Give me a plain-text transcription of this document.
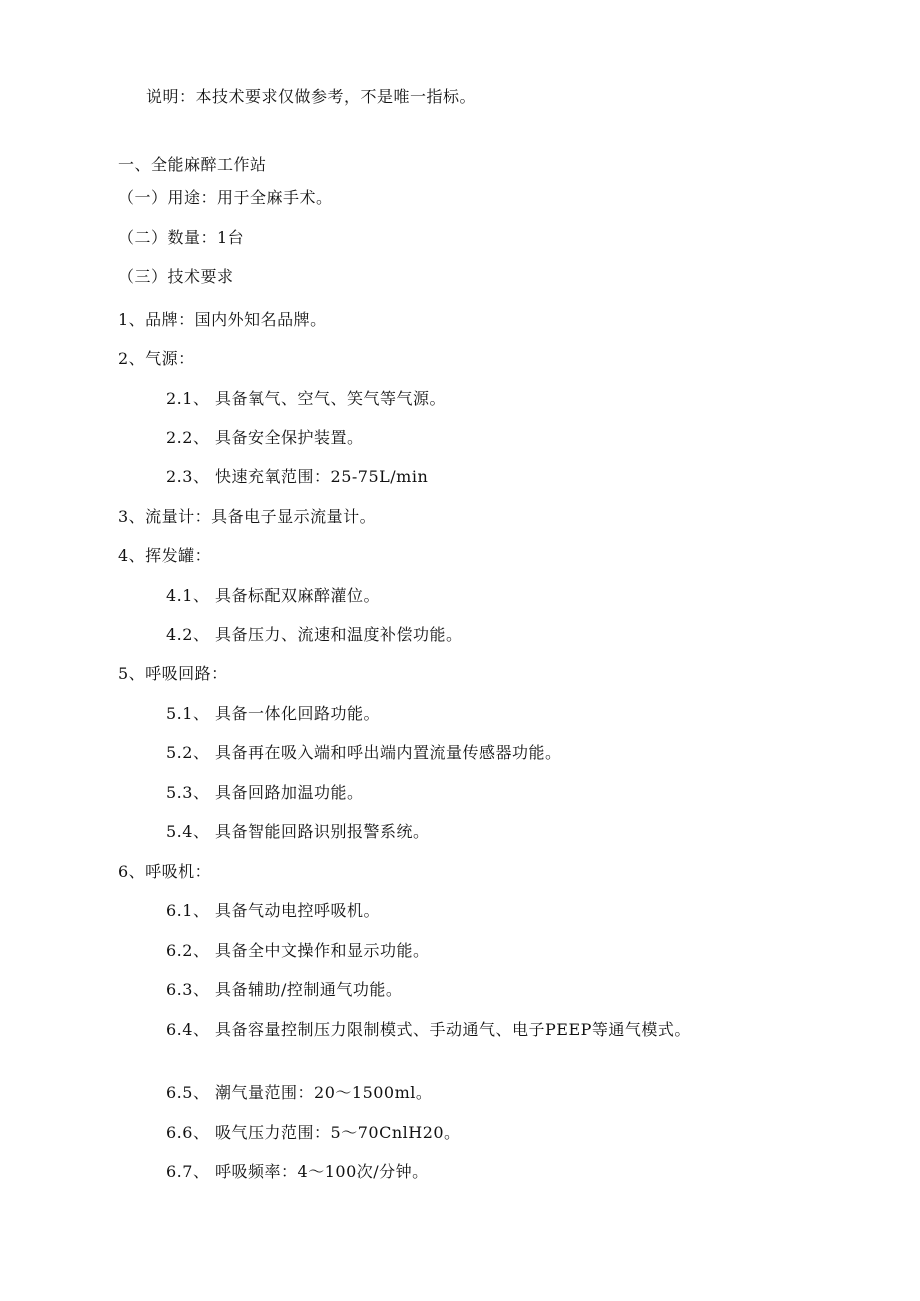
说明：本技术要求仅做参考，不是唯一指标。
一、全能麻醉工作站
（一）用途：用于全麻手术。
（二）数量：1台
（三）技术要求
1、品牌：国内外知名品牌。
2、气源：
2.1、 具备氧气、空气、笑气等气源。
2.2、 具备安全保护装置。
2.3、 快速充氧范围：25-75L/min
3、流量计：具备电子显示流量计。
4、挥发罐：
4.1、 具备标配双麻醉灌位。
4.2、 具备压力、流速和温度补偿功能。
5、呼吸回路：
5.1、 具备一体化回路功能。
5.2、 具备再在吸入端和呼出端内置流量传感器功能。
5.3、 具备回路加温功能。
5.4、 具备智能回路识别报警系统。
6、呼吸机：
6.1、 具备气动电控呼吸机。
6.2、 具备全中文操作和显示功能。
6.3、 具备辅助/控制通气功能。
6.4、 具备容量控制压力限制模式、手动通气、电子PEEP等通气模式。
6.5、 潮气量范围：20～1500ml。
6.6、 吸气压力范围：5～70CnlH20。
6.7、 呼吸频率：4～100次/分钟。
